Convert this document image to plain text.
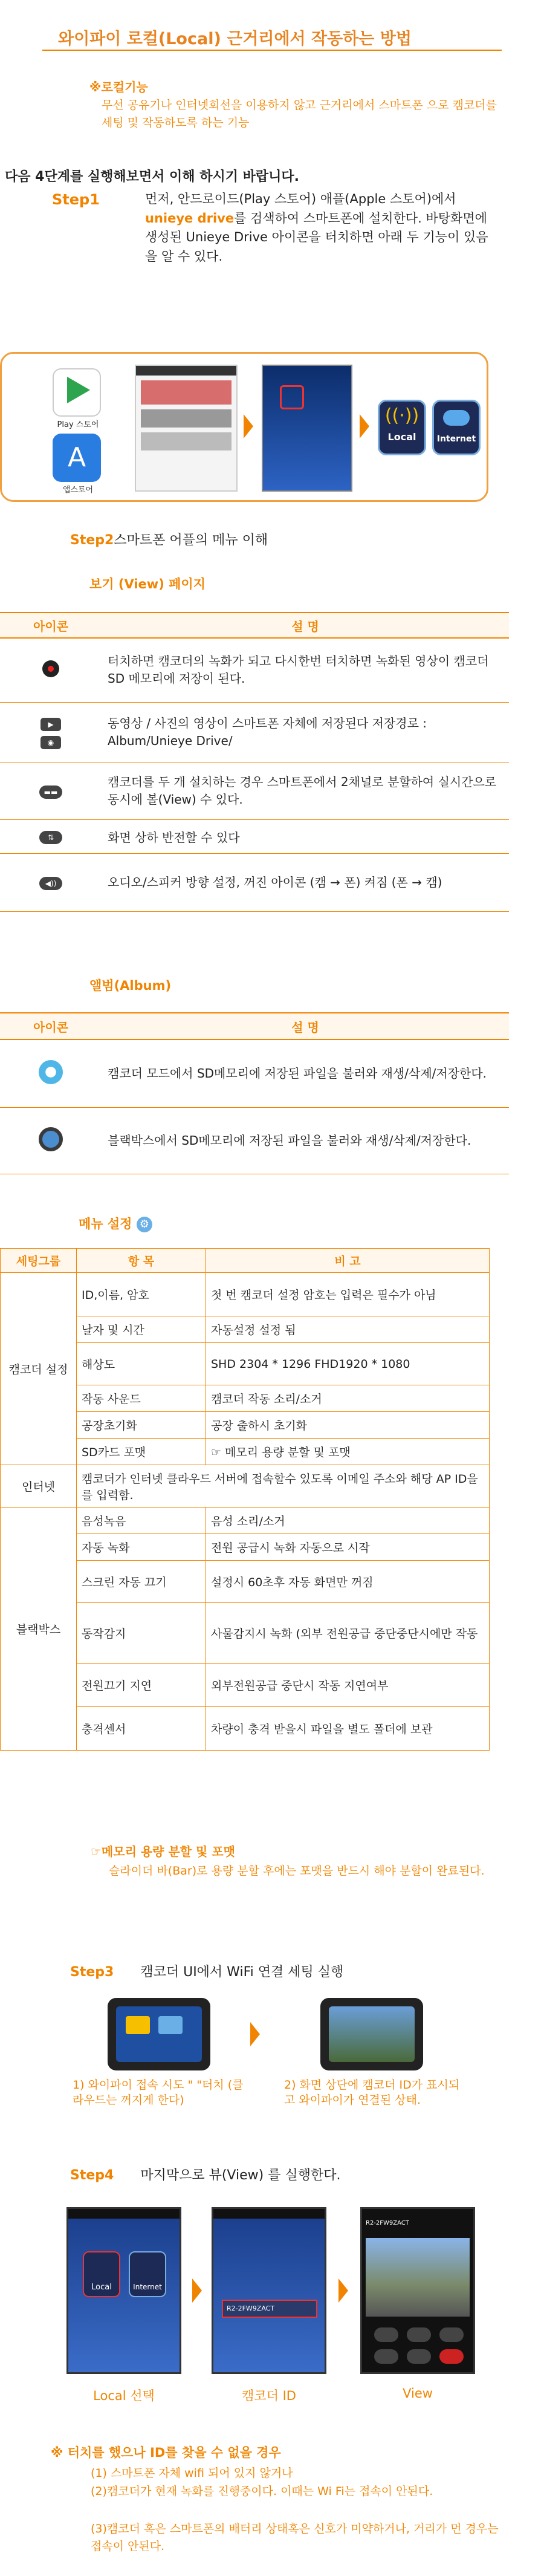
와이파이 로컬(Local) 근거리에서 작동하는 방법
※로컬기능
무선 공유기나 인터넷회선을 이용하지 않고 근거리에서 스마트폰 으로 캠코더를 세팅 및 작동하도록 하는 기능
다음 4단계를 실행해보면서 이해 하시기 바랍니다.
Step1	먼저, 안드로이드(Play 스토어) 애플(Apple 스토어)에서 unieye drive를 검색하여 스마트폰에 설치한다. 바탕화면에 생성된 Unieye Drive 아이콘을 터치하면 아래 두 기능이 있음을 알 수 있다.
Play 스토어
A
앱스토어
((·))
Local	Internet
Step2스마트폰 어플의 메뉴 이해
보기 (View) 페이지
아이콘	설 명

	터치하면 캠코더의 녹화가 되고 다시한번 터치하면 녹화된 영상이 캠코더 SD 메모리에 저장이 된다.
▶
◉	동영상 / 사진의 영상이 스마트폰 자체에 저장된다 저장경로 : Album/Unieye Drive/
▬▬	캠코더를 두 개 설치하는 경우 스마트폰에서 2채널로 분할하여 실시간으로 동시에 볼(View) 수 있다.
⇅	화면 상하 반전할 수 있다
◀))	오디오/스피커 방향 설정, 꺼진 아이콘 (캠 → 폰) 켜짐 (폰 → 캠)
앨범(Album)
아이콘	설 명
	캠코더 모드에서 SD메모리에 저장된 파일을 불러와 재생/삭제/저장한다.
	블랙박스에서 SD메모리에 저장된 파일을 불러와 재생/삭제/저장한다.
메뉴 설정 ⚙
세팅그룹	항 목	비 고
캠코더 설정	ID,이름, 암호	첫 번 캠코더 설정 암호는 입력은 필수가 아님
	날자 및 시간	자동설정 설정 됨
	해상도	SHD 2304 * 1296 FHD1920 * 1080
	작동 사운드	캠코더 작동 소리/소거
	공장초기화	공장 출하시 초기화
	SD카드 포맷	☞ 메모리 용량 분할 및 포맷
인터넷	캠코더가 인터넷 클라우드 서버에 접속할수 있도록 이메일 주소와 해당 AP ID을 를 입력함.	
블랙박스	음성녹음	음성 소리/소거
	자동 녹화	전원 공급시 녹화 자동으로 시작
	스크린 자동 끄기	설정시 60초후 자동 화면만 꺼짐
	동작감지	사물감지시 녹화 (외부 전원공급 중단중단시에만 작동
	전원끄기 지연	외부전원공급 중단시 작동 지연여부
	충격센서	차량이 충격 받을시 파일을 별도 폴더에 보관
☞메모리 용량 분할 및 포맷
슬라이더 바(Bar)로 용량 분할 후에는 포맷을 반드시 해야 분할이 완료된다.
Step3 캠코더 UI에서 WiFi 연결 세팅 실행
1) 와이파이 접속 시도 " "터치 (클라우드는 꺼지게 한다)
2) 화면 상단에 캠코더 ID가 표시되고 와이파이가 연결된 상태.
Step4 마지막으로 뷰(View) 를 실행한다.
Local	Internet
R2-2FW9ZACT
R2-2FW9ZACT
Local 선택	캠코더 ID	View
※ 터치를 했으나 ID를 찾을 수 없을 경우
(1) 스마트폰 자체 wifi 되어 있지 않거나
(2)캠코더가 현재 녹화를 진행중이다. 이때는 Wi Fi는 접속이 안된다.
(3)캠코더 혹은 스마트폰의 배터리 상태혹은 신호가 미약하거나, 거리가 먼 경우는 접속이 안된다.
